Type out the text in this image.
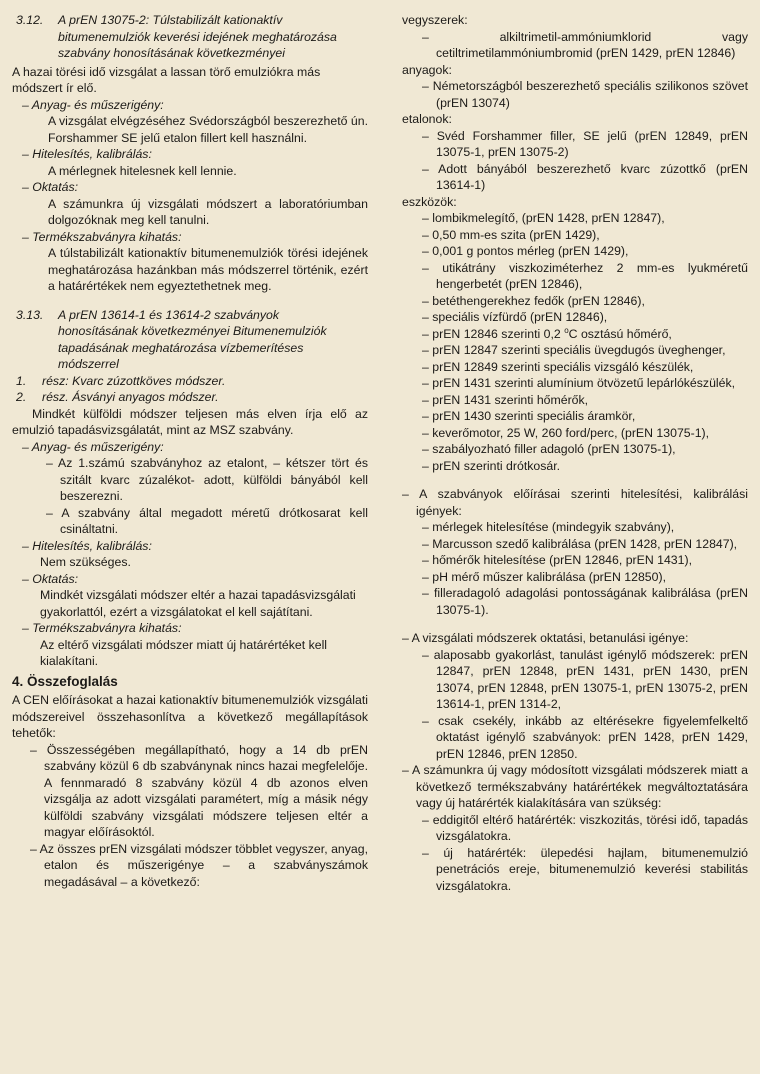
3.12.	A prEN 13075-2: Túlstabilizált kationaktív bitumenemulziók keverési idejének meghatározása szabvány honosításának következményei

A hazai törési idő vizsgálat a lassan törő emulziókra más módszert ír elő.

– Anyag- és műszerigény:

A vizsgálat elvégzéséhez Svédországból beszerezhető ún. Forshammer SE jelű etalon fillert kell használni.

– Hitelesítés, kalibrálás:

A mérlegnek hitelesnek kell lennie.

– Oktatás:

A számunkra új vizsgálati módszert a laboratóriumban dolgozóknak meg kell tanulni.

– Termékszabványra kihatás:

A túlstabilizált kationaktív bitumenemulziók törési idejének meghatározása hazánkban más módszerrel történik, ezért a határértékek nem egyeztethetnek meg.

3.13.	A prEN 13614-1 és 13614-2 szabványok honosításának következményei Bitumenemulziók tapadásának meghatározása vízbemerítéses módszerrel
1.	rész: Kvarc zúzottköves módszer.
2.	rész. Ásványi anyagos módszer.

Mindkét külföldi módszer teljesen más elven írja elő az emulzió tapadásvizsgálatát, mint az MSZ szabvány.

– Anyag- és műszerigény:

– Az 1.számú szabványhoz az etalont, – kétszer tört és szitált kvarc zúzalékot- adott, külföldi bányából kell beszerezni.

– A szabvány által megadott méretű drótkosarat kell csináltatni.

– Hitelesítés, kalibrálás:

Nem szükséges.

– Oktatás:

Mindkét vizsgálati módszer eltér a hazai tapadásvizsgálati gyakorlattól, ezért a vizsgálatokat el kell sajátítani.

– Termékszabványra kihatás:

Az eltérő vizsgálati módszer miatt új határértéket kell kialakítani.

4. Összefoglalás

A CEN előírásokat a hazai kationaktív bitumenemulziók vizsgálati módszereivel összehasonlítva a következő megállapítások tehetők:

– Összességében megállapítható, hogy a 14 db prEN szabvány közül 6 db szabványnak nincs hazai megfelelője. A fennmaradó 8 szabvány közül 4 db azonos elven vizsgálja az adott vizsgálati paramétert, míg a másik négy külföldi szabvány vizsgálati módszere teljesen eltér a magyar előírásoktól.

– Az összes prEN vizsgálati módszer többlet vegyszer, anyag, etalon és műszerigénye – a szabványszámok megadásával – a következő:

vegyszerek:

– alkiltrimetil-ammóniumklorid vagy cetiltrimetilammóniumbromid (prEN 1429, prEN 12846)

anyagok:

– Németországból beszerezhető speciális szilikonos szövet (prEN 13074)

etalonok:

– Svéd Forshammer filler, SE jelű (prEN 12849, prEN 13075-1, prEN 13075-2)

– Adott bányából beszerezhető kvarc zúzottkő (prEN 13614-1)

eszközök:

– lombikmelegítő, (prEN 1428, prEN 12847),

– 0,50 mm-es szita (prEN 1429),

– 0,001 g pontos mérleg (prEN 1429),

– utikátrány viszkoziméterhez 2 mm-es lyukméretű hengerbetét (prEN 12846),

– betéthengerekhez fedők (prEN 12846),

– speciális vízfürdő (prEN 12846),

– prEN 12846 szerinti 0,2 $^o$C osztású hőmérő,

– prEN 12847 szerinti speciális üvegdugós üveghenger,

– prEN 12849 szerinti speciális vizsgáló készülék,

– prEN 1431 szerinti alumínium ötvözetű lepárlókészülék,

– prEN 1431 szerinti hőmérők,

– prEN 1430 szerinti speciális áramkör,

– keverőmotor, 25 W, 260 ford/perc, (prEN 13075-1),

– szabályozható filler adagoló (prEN 13075-1),

– prEN szerinti drótkosár.

– A szabványok előírásai szerinti hitelesítési, kalibrálási igények:

– mérlegek hitelesítése (mindegyik szabvány),

– Marcusson szedő kalibrálása (prEN 1428, prEN 12847),

– hőmérők hitelesítése (prEN 12846, prEN 1431),

– pH mérő műszer kalibrálása (prEN 12850),

– filleradagoló adagolási pontosságának kalibrálása (prEN 13075-1).

– A vizsgálati módszerek oktatási, betanulási igénye:

– alaposabb gyakorlást, tanulást igénylő módszerek: prEN 12847, prEN 12848, prEN 1431, prEN 1430, prEN 13074, prEN 12848, prEN 13075-1, prEN 13075-2, prEN 13614-1, prEN 1314-2,

– csak csekély, inkább az eltérésekre figyelemfelkeltő oktatást igénylő szabványok: prEN 1428, prEN 1429, prEN 12846, prEN 12850.

– A számunkra új vagy módosított vizsgálati módszerek miatt a következő termékszabvány határértékek megváltoztatására vagy új határérték kialakítására van szükség:

– eddigitől eltérő határérték: viszkozitás, törési idő, tapadás vizsgálatokra.

– új határérték: ülepedési hajlam, bitumenemulzió penetrációs ereje, bitumenemulzió keverési stabilitás vizsgálatokra.
